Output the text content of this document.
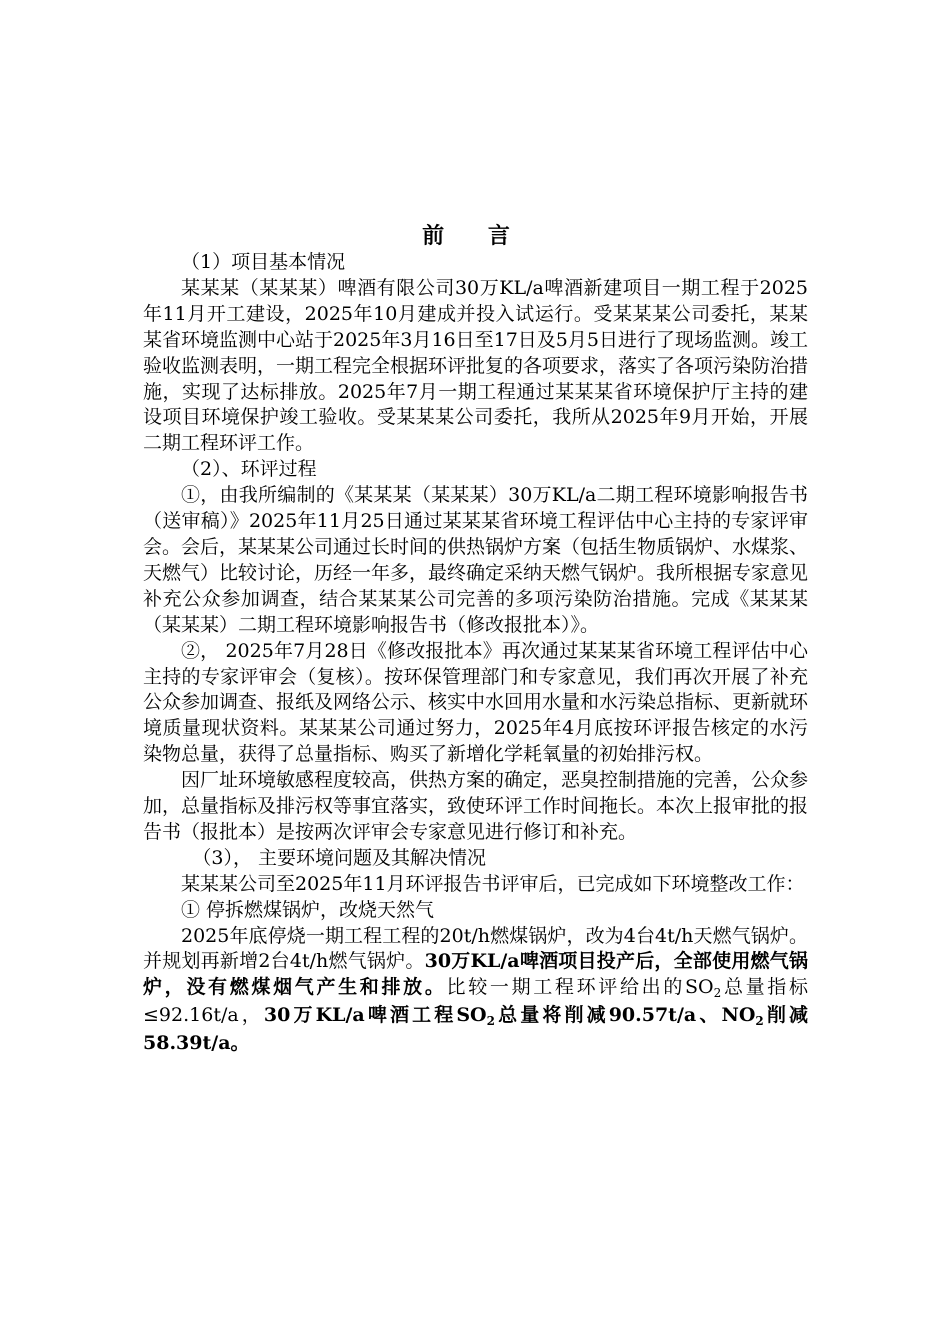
前 言

（1）项目基本情况

某某某（某某某）啤酒有限公司30万KL/a啤酒新建项目一期工程于2025年11月开工建设，2025年10月建成并投入试运行。受某某某公司委托，某某某省环境监测中心站于2025年3月16日至17日及5月5日进行了现场监测。竣工验收监测表明，一期工程完全根据环评批复的各项要求，落实了各项污染防治措施，实现了达标排放。2025年7月一期工程通过某某某省环境保护厅主持的建设项目环境保护竣工验收。受某某某公司委托，我所从2025年9月开始，开展二期工程环评工作。

（2）、环评过程

①，由我所编制的《某某某（某某某）30万KL/a二期工程环境影响报告书（送审稿）》2025年11月25日通过某某某省环境工程评估中心主持的专家评审会。会后，某某某公司通过长时间的供热锅炉方案（包括生物质锅炉、水煤浆、天燃气）比较讨论，历经一年多，最终确定采纳天燃气锅炉。我所根据专家意见补充公众参加调查，结合某某某公司完善的多项污染防治措施。完成《某某某（某某某）二期工程环境影响报告书（修改报批本）》。

②， 2025年7月28日《修改报批本》再次通过某某某省环境工程评估中心主持的专家评审会（复核）。按环保管理部门和专家意见，我们再次开展了补充公众参加调查、报纸及网络公示、核实中水回用水量和水污染总指标、更新就环境质量现状资料。某某某公司通过努力，2025年4月底按环评报告核定的水污染物总量，获得了总量指标、购买了新增化学耗氧量的初始排污权。

因厂址环境敏感程度较高，供热方案的确定，恶臭控制措施的完善，公众参加，总量指标及排污权等事宜落实，致使环评工作时间拖长。本次上报审批的报告书（报批本）是按两次评审会专家意见进行修订和补充。

（3）， 主要环境问题及其解决情况

某某某公司至2025年11月环评报告书评审后，已完成如下环境整改工作：

① 停拆燃煤锅炉，改烧天然气

2025年底停烧一期工程工程的20t/h燃煤锅炉，改为4台4t/h天燃气锅炉。并规划再新增2台4t/h燃气锅炉。30万KL/a啤酒项目投产后，全部使用燃气锅炉，没有燃煤烟气产生和排放。比较一期工程环评给出的$SO_2$总量指标≤92.16t/a，30万KL/a啤酒工程$SO_2$总量将削减90.57t/a、$NO_2$削减58.39t/a。
